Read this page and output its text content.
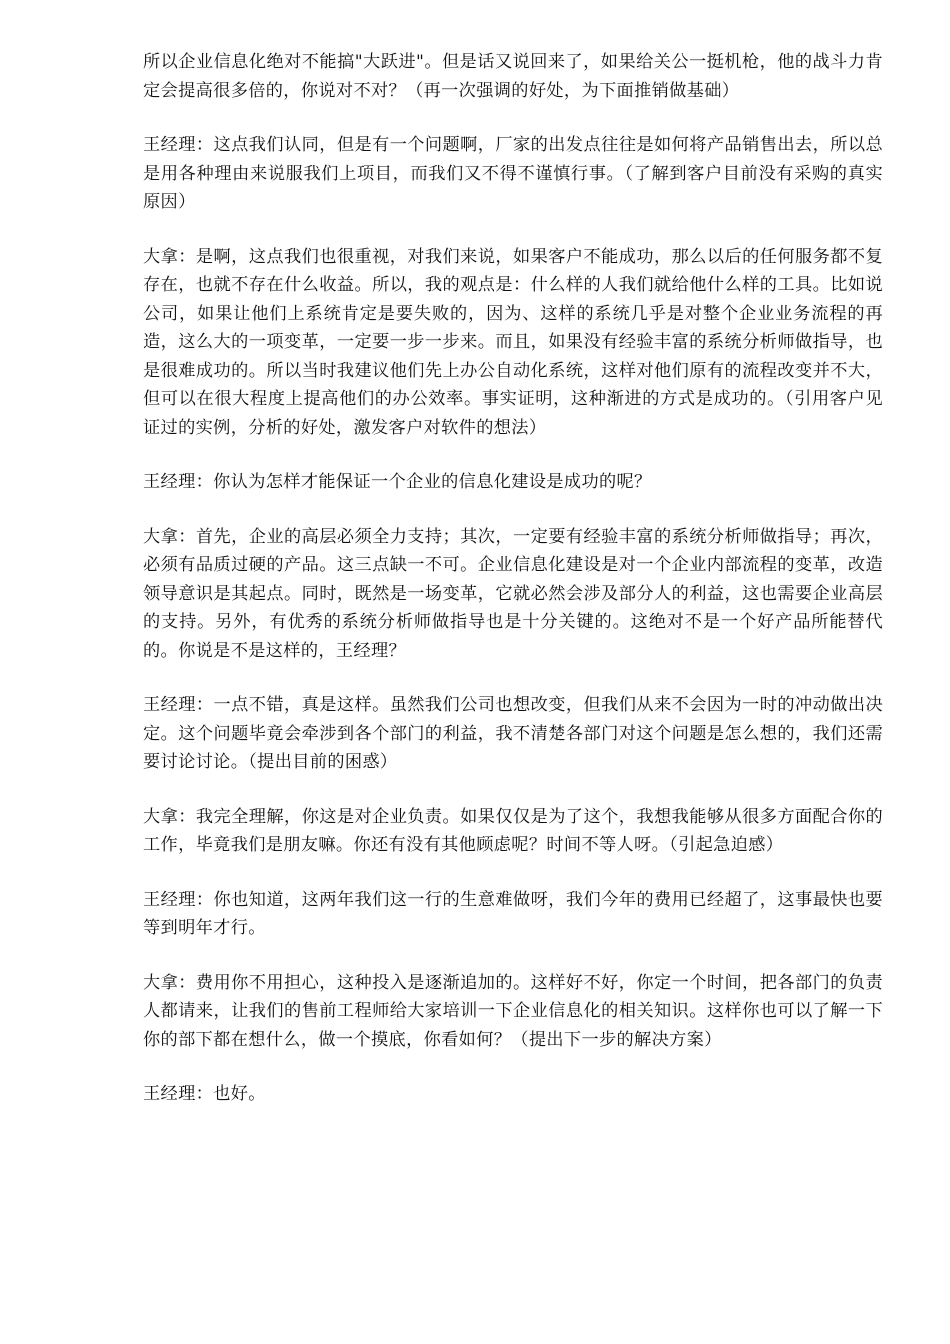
所以企业信息化绝对不能搞"大跃进"。但是话又说回来了，如果给关公一挺机枪，他的战斗力肯定会提高很多倍的，你说对不对？（再一次强调的好处，为下面推销做基础）

王经理：这点我们认同，但是有一个问题啊，厂家的出发点往往是如何将产品销售出去，所以总是用各种理由来说服我们上项目，而我们又不得不谨慎行事。（了解到客户目前没有采购的真实原因）

大拿：是啊，这点我们也很重视，对我们来说，如果客户不能成功，那么以后的任何服务都不复存在，也就不存在什么收益。所以，我的观点是：什么样的人我们就给他什么样的工具。比如说公司，如果让他们上系统肯定是要失败的，因为、这样的系统几乎是对整个企业业务流程的再造，这么大的一项变革，一定要一步一步来。而且，如果没有经验丰富的系统分析师做指导，也是很难成功的。所以当时我建议他们先上办公自动化系统，这样对他们原有的流程改变并不大，但可以在很大程度上提高他们的办公效率。事实证明，这种渐进的方式是成功的。（引用客户见证过的实例，分析的好处，激发客户对软件的想法）

王经理：你认为怎样才能保证一个企业的信息化建设是成功的呢？

大拿：首先，企业的高层必须全力支持；其次，一定要有经验丰富的系统分析师做指导；再次，必须有品质过硬的产品。这三点缺一不可。企业信息化建设是对一个企业内部流程的变革，改造领导意识是其起点。同时，既然是一场变革，它就必然会涉及部分人的利益，这也需要企业高层的支持。另外，有优秀的系统分析师做指导也是十分关键的。这绝对不是一个好产品所能替代的。你说是不是这样的，王经理？

王经理：一点不错，真是这样。虽然我们公司也想改变，但我们从来不会因为一时的冲动做出决定。这个问题毕竟会牵涉到各个部门的利益，我不清楚各部门对这个问题是怎么想的，我们还需要讨论讨论。（提出目前的困惑）

大拿：我完全理解，你这是对企业负责。如果仅仅是为了这个，我想我能够从很多方面配合你的工作，毕竟我们是朋友嘛。你还有没有其他顾虑呢？时间不等人呀。（引起急迫感）

王经理：你也知道，这两年我们这一行的生意难做呀，我们今年的费用已经超了，这事最快也要等到明年才行。

大拿：费用你不用担心，这种投入是逐渐追加的。这样好不好，你定一个时间，把各部门的负责人都请来，让我们的售前工程师给大家培训一下企业信息化的相关知识。这样你也可以了解一下你的部下都在想什么，做一个摸底，你看如何？（提出下一步的解决方案）

王经理：也好。
